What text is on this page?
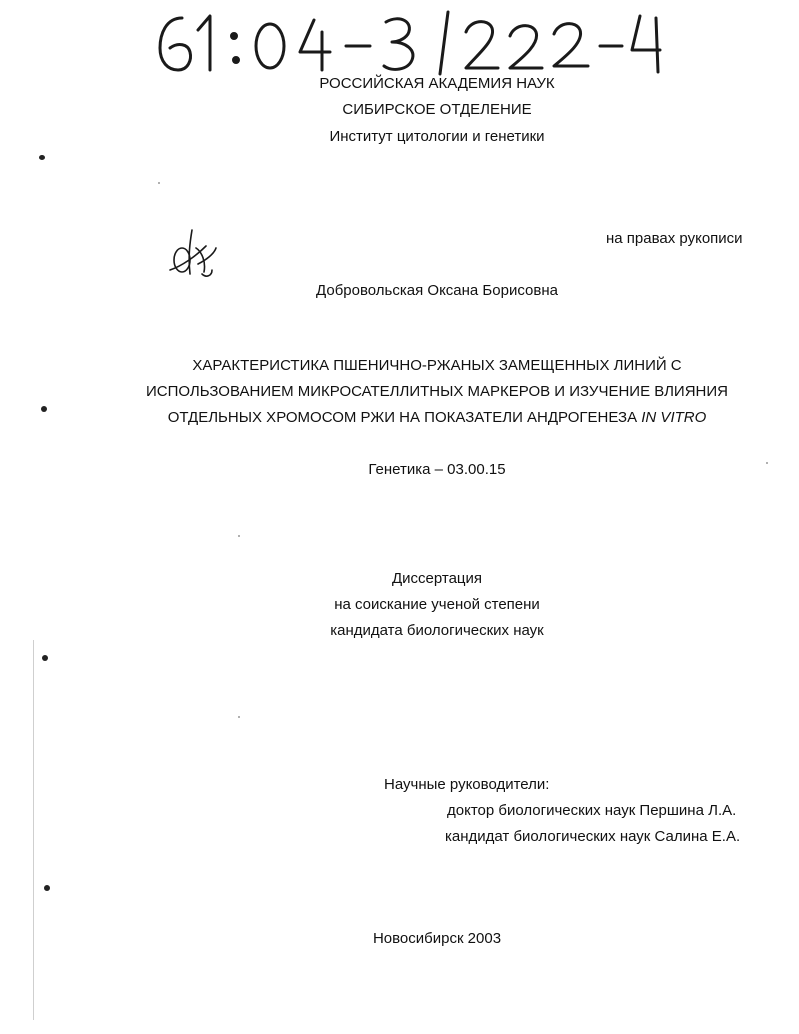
РОССИЙСКАЯ АКАДЕМИЯ НАУК
СИБИРСКОЕ ОТДЕЛЕНИЕ
Институт цитологии и генетики
на правах рукописи
Добровольская Оксана Борисовна
ХАРАКТЕРИСТИКА ПШЕНИЧНО-РЖАНЫХ ЗАМЕЩЕННЫХ ЛИНИЙ С
ИСПОЛЬЗОВАНИЕМ МИКРОСАТЕЛЛИТНЫХ МАРКЕРОВ И ИЗУЧЕНИЕ ВЛИЯНИЯ
ОТДЕЛЬНЫХ ХРОМОСОМ РЖИ НА ПОКАЗАТЕЛИ АНДРОГЕНЕЗА IN VITRO
Генетика – 03.00.15
Диссертация
на соискание ученой степени
кандидата биологических наук
Научные руководители:
доктор биологических наук Першина Л.А.
кандидат биологических наук Салина Е.А.
Новосибирск 2003
